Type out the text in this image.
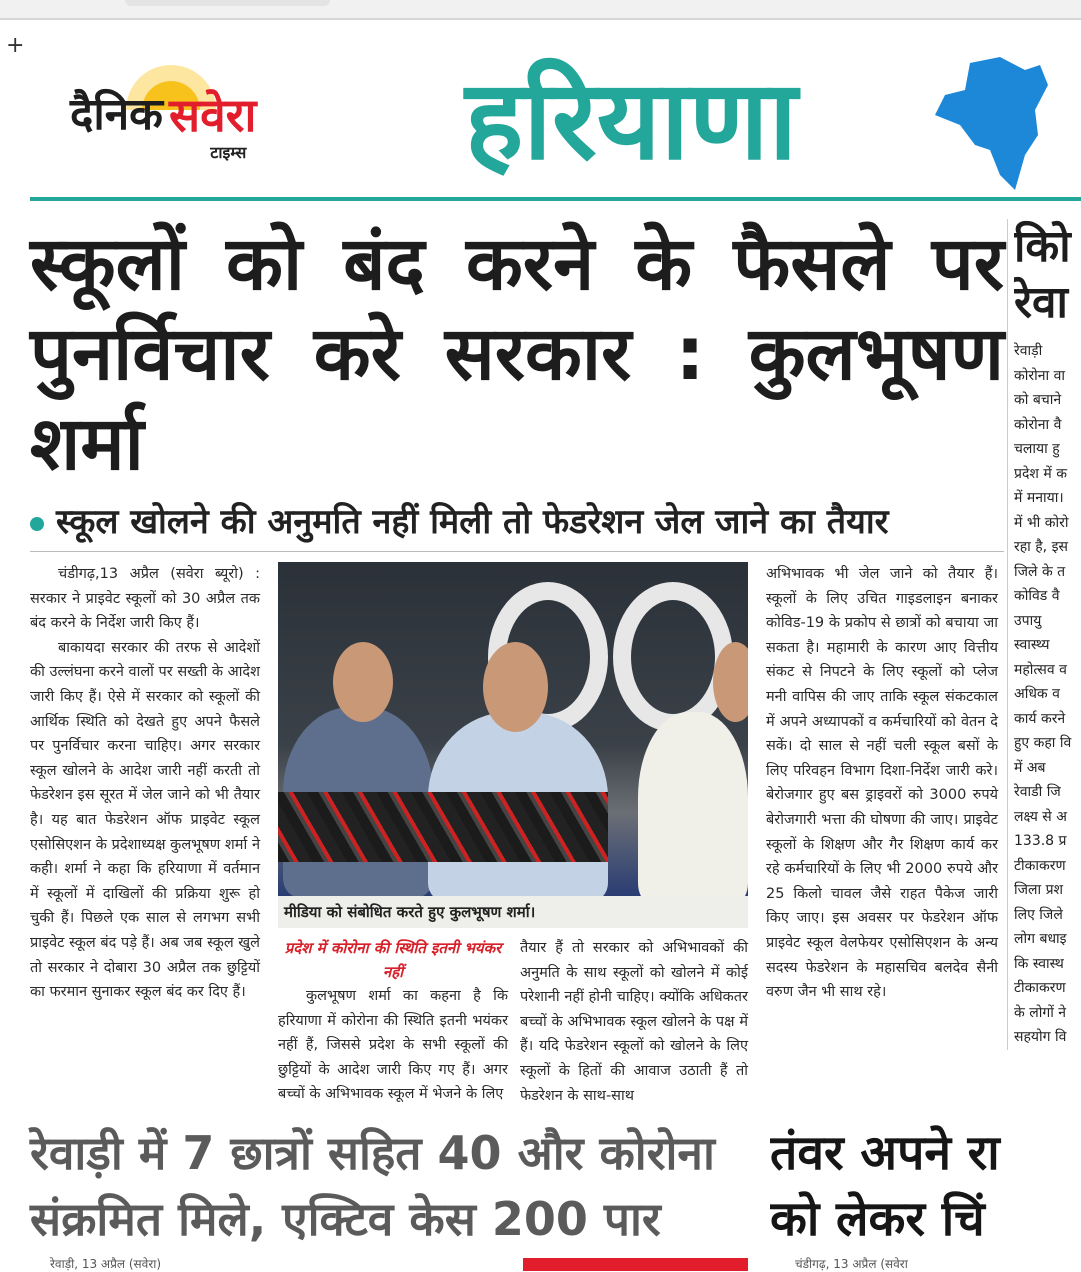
+
दैनिक सवेरा
टाइम्स हरियाणा
स्कूलों को बंद करने के फैसले पर पुनर्विचार करे सरकार : कुलभूषण शर्मा
स्कूल खोलने की अनुमति नहीं मिली तो फेडरेशन जेल जाने का तैयार

चंडीगढ़,13 अप्रैल (सवेरा ब्यूरो) : सरकार ने प्राइवेट स्कूलों को 30 अप्रैल तक बंद करने के निर्देश जारी किए हैं।

बाकायदा सरकार की तरफ से आदेशों की उल्लंघना करने वालों पर सख्ती के आदेश जारी किए हैं। ऐसे में सरकार को स्कूलों की आर्थिक स्थिति को देखते हुए अपने फैसले पर पुनर्विचार करना चाहिए। अगर सरकार स्कूल खोलने के आदेश जारी नहीं करती तो फेडरेशन इस सूरत में जेल जाने को भी तैयार है। यह बात फेडरेशन ऑफ प्राइवेट स्कूल एसोसिएशन के प्रदेशाध्यक्ष कुलभूषण शर्मा ने कही। शर्मा ने कहा कि हरियाणा में वर्तमान में स्कूलों में दाखिलों की प्रक्रिया शुरू हो चुकी हैं। पिछले एक साल से लगभग सभी प्राइवेट स्कूल बंद पड़े हैं। अब जब स्कूल खुले तो सरकार ने दोबारा 30 अप्रैल तक छुट्टियों का फरमान सुनाकर स्कूल बंद कर दिए हैं।

मीडिया को संबोधित करते हुए कुलभूषण शर्मा।

प्रदेश में कोरोना की स्थिति इतनी भयंकर नहीं

कुलभूषण शर्मा का कहना है कि हरियाणा में कोरोना की स्थिति इतनी भयंकर नहीं हैं, जिससे प्रदेश के सभी स्कूलों की छुट्टियों के आदेश जारी किए गए हैं। अगर बच्चों के अभिभावक स्कूल में भेजने के लिए

तैयार हैं तो सरकार को अभिभावकों की अनुमति के साथ स्कूलों को खोलने में कोई परेशानी नहीं होनी चाहिए। क्योंकि अधिकतर बच्चों के अभिभावक स्कूल खोलने के पक्ष में हैं। यदि फेडरेशन स्कूलों को खोलने के लिए स्कूलों के हितों की आवाज उठाती हैं तो फेडरेशन के साथ-साथ

अभिभावक भी जेल जाने को तैयार हैं। स्कूलों के लिए उचित गाइडलाइन बनाकर कोविड-19 के प्रकोप से छात्रों को बचाया जा सकता है। महामारी के कारण आए वित्तीय संकट से निपटने के लिए स्कूलों को प्लेज मनी वापिस की जाए ताकि स्कूल संकटकाल में अपने अध्यापकों व कर्मचारियों को वेतन दे सकें। दो साल से नहीं चली स्कूल बसों के लिए परिवहन विभाग दिशा-निर्देश जारी करे। बेरोजगार हुए बस ड्राइवरों को 3000 रुपये बेरोजगारी भत्ता की घोषणा की जाए। प्राइवेट स्कूलों के शिक्षण और गैर शिक्षण कार्य कर रहे कर्मचारियों के लिए भी 2000 रुपये और 25 किलो चावल जैसे राहत पैकेज जारी किए जाए। इस अवसर पर फेडरेशन ऑफ प्राइवेट स्कूल वेलफेयर एसोसिएशन के अन्य सदस्य फेडरेशन के महासचिव बलदेव सैनी वरुण जैन भी साथ रहे।

कोि
रेवा
रेवाड़ी
कोरोना वा
को बचाने
कोरोना वै
चलाया हु
प्रदेश में क
में मनाया।
में भी कोरो
रहा है, इस
जिले के त
कोविड वै
उपायु
स्वास्थ्य
महोत्सव व
अधिक व
कार्य करने
हुए कहा वि
में अब
रेवाडी जि
लक्ष्य से अ
133.8 प्र
टीकाकरण
जिला प्रश
लिए जिले
लोग बधाइ
कि स्वास्थ
टीकाकरण
के लोगों ने
सहयोग वि
रेवाड़ी में 7 छात्रों सहित 40 और कोरोना
संक्रमित मिले, एक्टिव केस 200 पार
तंवर अपने रा
को लेकर चिं
रेवाड़ी, 13 अप्रैल (सवेरा)	चंडीगढ़, 13 अप्रैल (सवेरा
